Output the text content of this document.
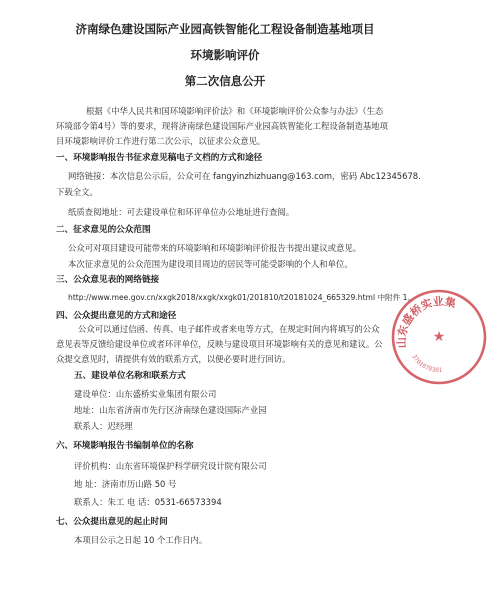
济南绿色建设国际产业园高铁智能化工程设备制造基地项目
环境影响评价
第二次信息公开

根据《中华人民共和国环境影响评价法》和《环境影响评价公众参与办法》（生态环境部令第4号）等的要求，现将济南绿色建设国际产业园高铁智能化工程设备制造基地项目环境影响评价工作进行第二次公示，以征求公众意见。

一、环境影响报告书征求意见稿电子文档的方式和途径
网络链接：本次信息公示后，公众可在 fangyinzhizhuang@163.com，密码 Abc12345678.
下载全文。
纸质查阅地址：可去建设单位和环评单位办公地址进行查阅。
二、征求意见的公众范围
公众可对项目建设可能带来的环境影响和环境影响评价报告书提出建议或意见。
本次征求意见的公众范围为建设项目周边的居民等可能受影响的个人和单位。
三、公众意见表的网络链接
http://www.mee.gov.cn/xxgk2018/xxgk/xxgk01/201810/t20181024_665329.html 中附件 1。
四、公众提出意见的方式和途径

公众可以通过信函、传真、电子邮件或者来电等方式，在规定时间内将填写的公众意见表等反馈给建设单位或者环评单位，反映与建设项目环境影响有关的意见和建议。公众提交意见时，请提供有效的联系方式，以便必要时进行回访。

五、建设单位名称和联系方式
建设单位：山东盛桥实业集团有限公司
地址：山东省济南市先行区济南绿色建设国际产业园
联系人：迟经理
六、环境影响报告书编制单位的名称
评价机构：山东省环境保护科学研究设计院有限公司
地 址：济南市历山路 50 号
联系人：朱工 电 话：0531-66573394
七、公众提出意见的起止时间
本项目公示之日起 10 个工作日内。
山东盛桥实业集
★
3701078301
